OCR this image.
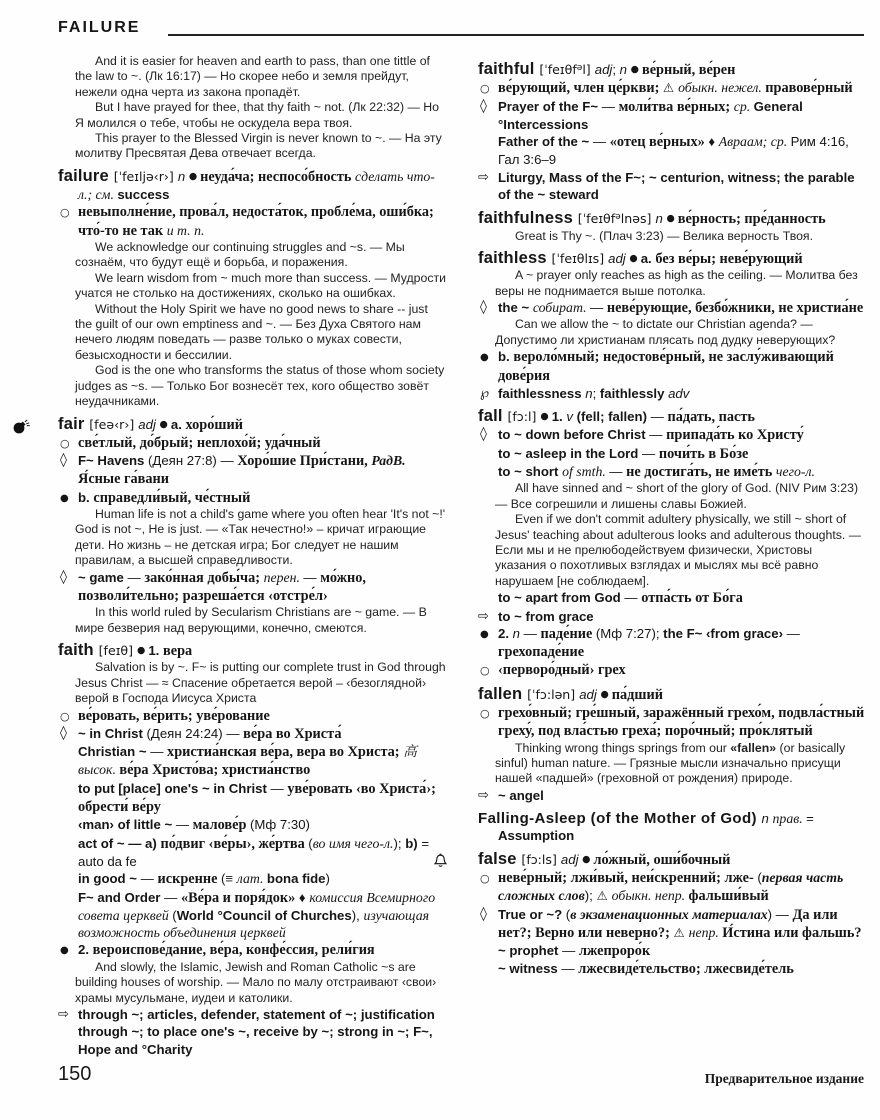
FAILURE
And it is easier for heaven and earth to pass, than one tittle of the law to ~. (Лк 16:17) — Но скорее небо и земля прейдут, нежели одна черта из закона пропадёт.
But I have prayed for thee, that thy faith ~ not. (Лк 22:32) — Но Я молился о тебе, чтобы не оскудела вера твоя.
This prayer to the Blessed Virgin is never known to ~. — На эту молитву Пресвятая Дева отвечает всегда.
failure [ˈfeɪljə‹r›] n ● неуда́ча; неспосо́бность сделать что-л.; см. success
○ невыполне́ние, прова́л, недоста́ток, пробле́ма, оши́бка; что́-то не так и т. п.
We acknowledge our continuing struggles and ~s. — Мы сознаём, что будут ещё и борьба, и поражения.
We learn wisdom from ~ much more than success. — Мудрости учатся не столько на достижениях, сколько на ошибках.
Without the Holy Spirit we have no good news to share -- just the guilt of our own emptiness and ~. — Без Духа Святого нам нечего людям поведать — разве только о муках совести, безысходности и бессилии.
God is the one who transforms the status of those whom society judges as ~s. — Только Бог вознесёт тех, кого общество зовёт неудачниками.
fair [feə‹r›] adj ● a. хоро́ший
○ све́тлый, до́брый; неплохо́й; уда́чный
◊ F~ Havens (Деян 27:8) — Хоро́шие При́стани, РадВ. Я́сные га́вани
● b. справедли́вый, че́стный
Human life is not a child's game where you often hear 'It's not ~!' God is not ~, He is just. — «Так нечестно!» – кричат играющие дети. Но жизнь – не детская игра; Бог следует не нашим правилам, а высшей справедливости.
◊ ~ game — зако́нная добы́ча; перен. — мо́жно, позволи́тельно; разреша́ется ‹отстре́л›
In this world ruled by Secularism Christians are ~ game. — В мире безверия над верующими, конечно, смеются.
faith [feɪθ] ● 1. вера
Salvation is by ~. F~ is putting our complete trust in God through Jesus Christ — ≈ Спасение обретается верой – ‹безоглядной› верой в Господа Иисуса Христа
○ ве́ровать, ве́рить; уве́рование
◊ ~ in Christ (Деян 24:24) — ве́ра во Христа́
Christian ~ — христиа́нская ве́ра, вера во Христа; 高высок. ве́ра Христо́ва; христиа́нство
to put [place] one's ~ in Christ — уве́ровать ‹во Христа́›; обрести́ ве́ру
‹man› of little ~ — малове́р (Мф 7:30)
act of ~ — a) по́двиг ‹ве́ры›, же́ртва (во имя чего-л.); b) = auto da fe
in good ~ — искренне (≡ лат. bona fide)
F~ and Order — «Ве́ра и поря́док» ♦ комиссия Всемирного совета церквей (World °Council of Churches), изучающая возможность объединения церквей
● 2. вероиспове́дание, ве́ра, конфе́ссия, рели́гия
And slowly, the Islamic, Jewish and Roman Catholic ~s are building houses of worship. — Мало по малу отстраивают ‹свои› храмы мусульмане, иудеи и католики.
⇨ through ~; articles, defender, statement of ~; justification through ~; to place one's ~, receive by ~; strong in ~; F~, Hope and °Charity
faithful [ˈfeɪθf$^ə$l] adj; n ● ве́рный, ве́рен
○ ве́рующий, член це́ркви; ⚠ обыкн. нежел. правове́рный
◊ Prayer of the F~ — моли́тва ве́рных; ср. General °Intercessions
Father of the ~ — «отец ве́рных» ♦ Авраам; ср. Рим 4:16, Гал 3:6–9
⇨ Liturgy, Mass of the F~; ~ centurion, witness; the parable of the ~ steward
faithfulness [ˈfeɪθf$^ə$lnəs] n ● ве́рность; пре́данность
Great is Thy ~. (Плач 3:23) — Велика верность Твоя.
faithless [ˈfeɪθlɪs] adj ● a. без ве́ры; неве́рующий
A ~ prayer only reaches as high as the ceiling. — Молитва без веры не поднимается выше потолка.
◊ the ~ собират. — неве́рующие, безбо́жники, не христиа́не
Can we allow the ~ to dictate our Christian agenda? — Допустимо ли христианам плясать под дудку неверующих?
● b. вероло́мный; недостове́рный, не заслу́живающий дове́рия
℘ faithlessness n; faithlessly adv
fall [fɔ:l] ● 1. v (fell; fallen) — па́дать, пасть
◊ to ~ down before Christ — припада́ть ко Христу́
to ~ asleep in the Lord — почи́ть в Бо́зе
to ~ short of smth. — не достига́ть, не име́ть чего-л.
All have sinned and ~ short of the glory of God. (NIV Рим 3:23) — Все согрешили и лишены славы Божией.
Even if we don't commit adultery physically, we still ~ short of Jesus' teaching about adulterous looks and adulterous thoughts. — Если мы и не прелюбодействуем физически, Христовы указания о похотливых взглядах и мыслях мы всё равно нарушаем [не соблюдаем].
to ~ apart from God — отпа́сть от Бо́га
⇨ to ~ from grace
● 2. n — паде́ние (Мф 7:27); the F~ ‹from grace› — грехопаде́ние
○ ‹перворо́дный› грех
fallen [ˈfɔ:lən] adj ● па́дший
○ грехо́вный; гре́шный, заражённый грехо́м, подвла́стный греху́, под вла́стью греха́; поро́чный; про́клятый
Thinking wrong things springs from our «fallen» (or basically sinful) human nature. — Грязные мысли изначально присущи нашей «падшей» (греховной от рождения) природе.
⇨ ~ angel
Falling-Asleep (of the Mother of God) n прав. = Assumption
false [fɔ:ls] adj ● ло́жный, оши́бочный
○ неве́рный; лжи́вый, неи́скренний; лже- (первая часть сложных слов); ⚠ обыкн. непр. фальши́вый
◊ True or ~? (в экзаменационных материалах) — Да или нет?; Верно или неверно?; ⚠ непр. И́стина или фальшь?
~ prophet — лжепроро́к
~ witness — лжесвиде́тельство; лжесвиде́тель
150	Предварительное издание
